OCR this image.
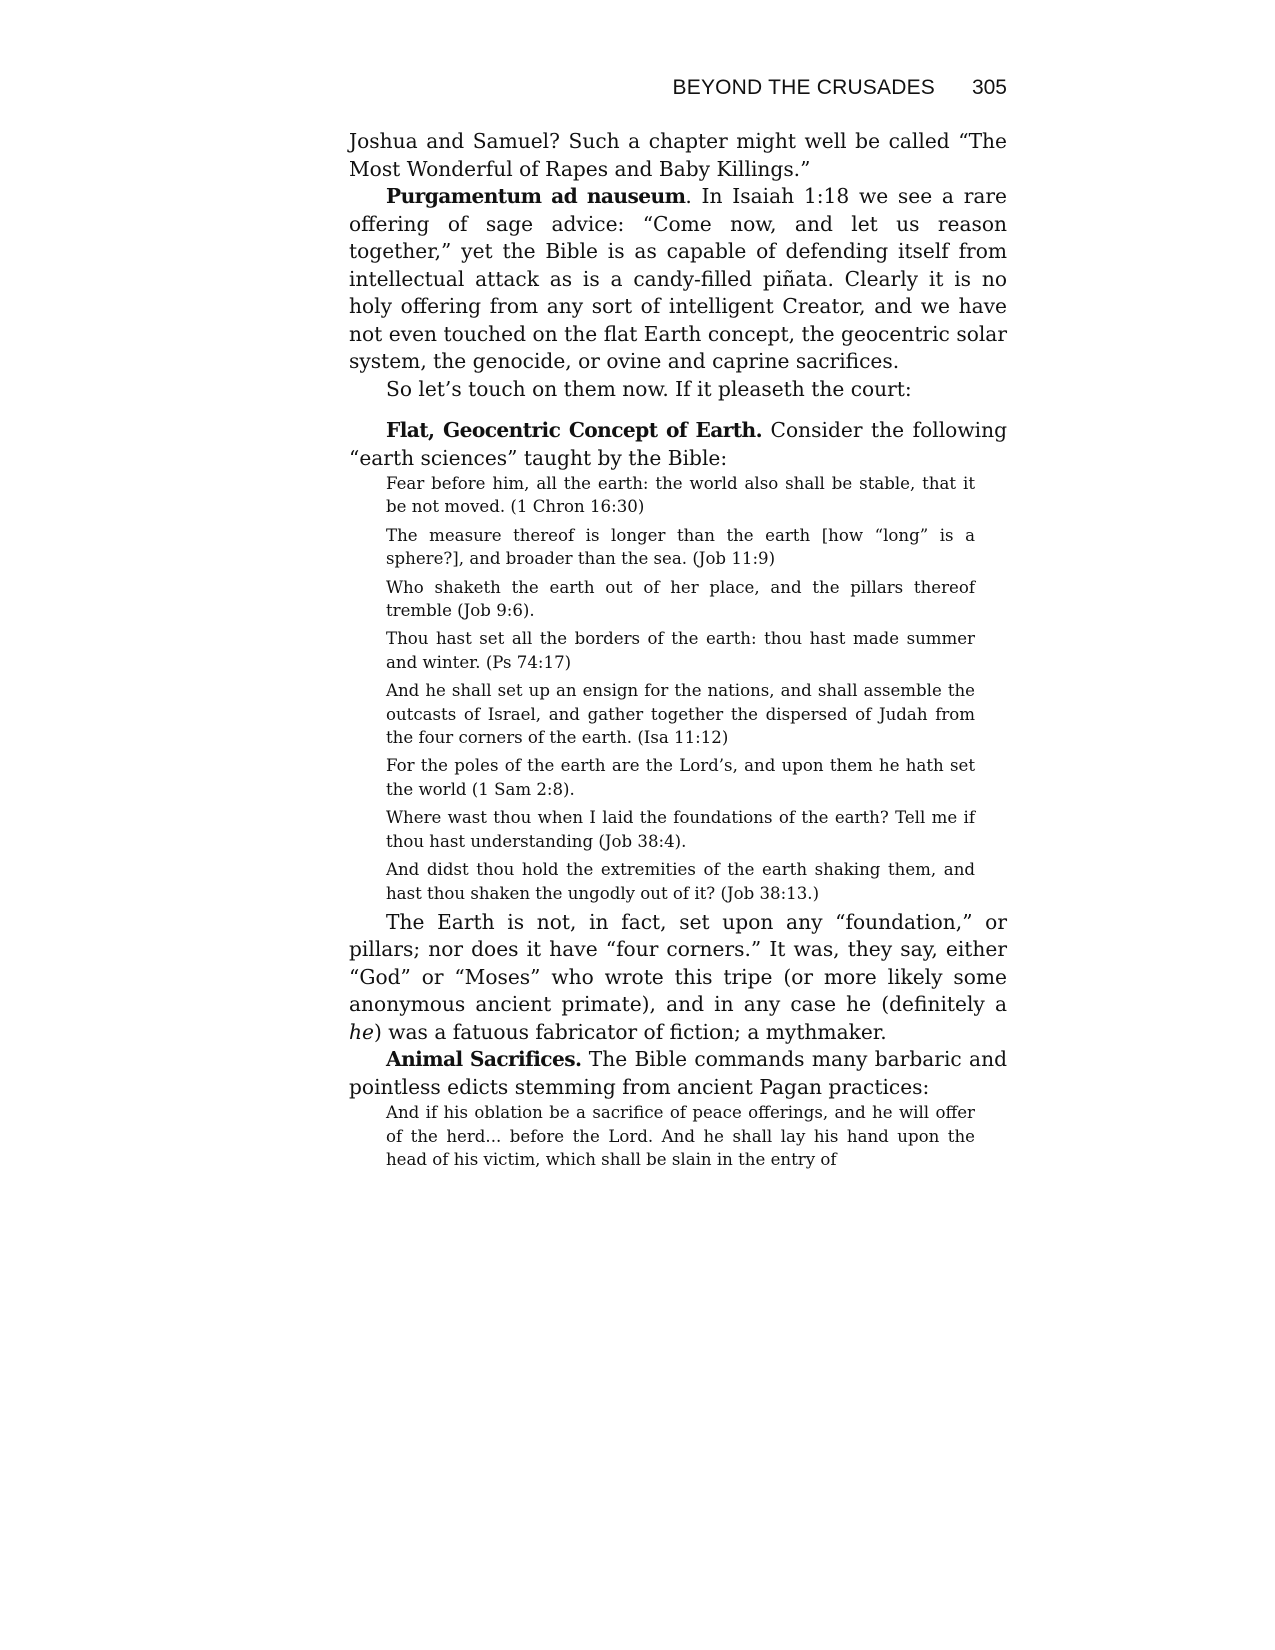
BEYOND THE CRUSADES 305

Joshua and Samuel? Such a chapter might well be called “The Most Wonderful of Rapes and Baby Killings.”

Purgamentum ad nauseum. In Isaiah 1:18 we see a rare offering of sage advice: “Come now, and let us reason together,” yet the Bible is as capable of defending itself from intellectual attack as is a candy-filled piñata. Clearly it is no holy offering from any sort of intelligent Creator, and we have not even touched on the flat Earth concept, the geocentric solar system, the genocide, or ovine and caprine sacrifices.

So let’s touch on them now. If it pleaseth the court:

Flat, Geocentric Concept of Earth. Consider the following “earth sciences” taught by the Bible:

Fear before him, all the earth: the world also shall be stable, that it be not moved. (1 Chron 16:30)

The measure thereof is longer than the earth [how “long” is a sphere?], and broader than the sea. (Job 11:9)

Who shaketh the earth out of her place, and the pillars thereof tremble (Job 9:6).

Thou hast set all the borders of the earth: thou hast made summer and winter. (Ps 74:17)

And he shall set up an ensign for the nations, and shall assemble the outcasts of Israel, and gather together the dispersed of Judah from the four corners of the earth. (Isa 11:12)

For the poles of the earth are the Lord’s, and upon them he hath set the world (1 Sam 2:8).

Where wast thou when I laid the foundations of the earth? Tell me if thou hast understanding (Job 38:4).

And didst thou hold the extremities of the earth shaking them, and hast thou shaken the ungodly out of it? (Job 38:13.)

The Earth is not, in fact, set upon any “foundation,” or pillars; nor does it have “four corners.” It was, they say, either “God” or “Moses” who wrote this tripe (or more likely some anonymous ancient primate), and in any case he (definitely a he) was a fatuous fabricator of fiction; a mythmaker.

Animal Sacrifices. The Bible commands many barbaric and pointless edicts stemming from ancient Pagan practices:

And if his oblation be a sacrifice of peace offerings, and he will offer of the herd... before the Lord. And he shall lay his hand upon the head of his victim, which shall be slain in the entry of
